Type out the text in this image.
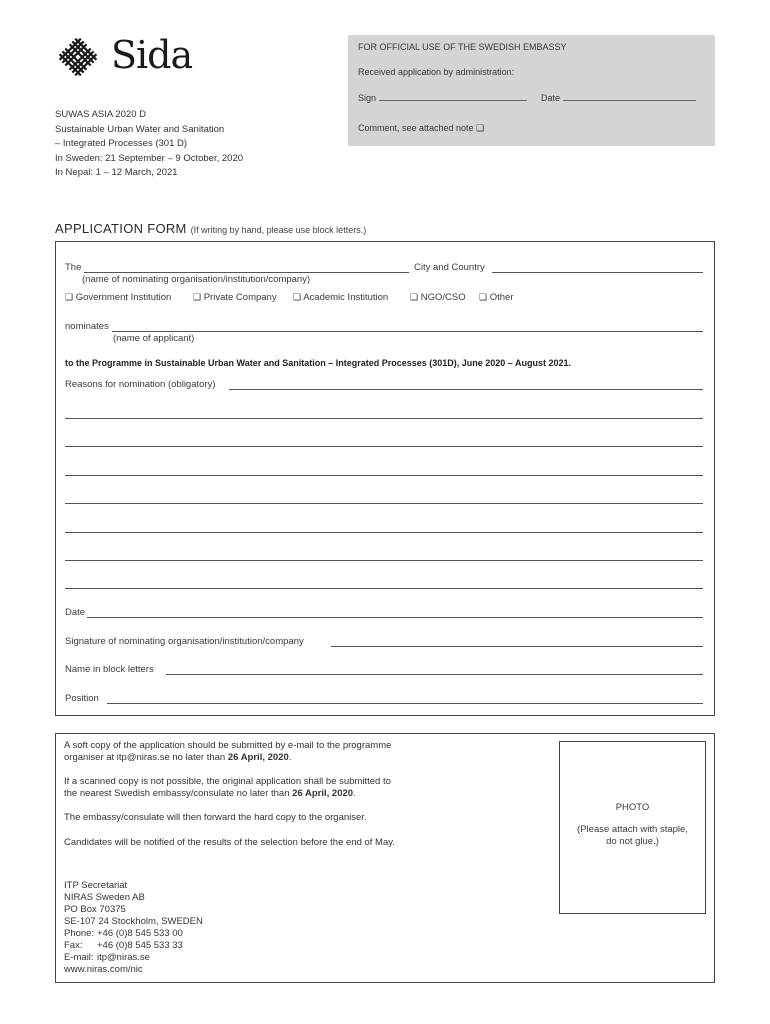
Sida	FOR OFFICIAL USE OF THE SWEDISH EMBASSY
Received application by administration:
Sign	Date
Comment, see attached note ❑
SUWAS ASIA 2020 D
Sustainable Urban Water and Sanitation
– Integrated Processes (301 D)
In Sweden: 21 September – 9 October, 2020
In Nepal: 1 – 12 March, 2021
APPLICATION FORM (If writing by hand, please use block letters.)
The	City and Country
(name of nominating organisation/institution/company)
❑ Government Institution ❑ Private Company ❑ Academic Institution ❑ NGO/CSO ❑ Other
nominates
(name of applicant)
to the Programme in Sustainable Urban Water and Sanitation – Integrated Processes (301D), June 2020 – August 2021.
Reasons for nomination (obligatory)
Date
Signature of nominating organisation/institution/company
Name in block letters
Position
A soft copy of the application should be submitted by e-mail to the programme
organiser at itp@niras.se no later than 26 April, 2020.
If a scanned copy is not possible, the original application shall be submitted to
the nearest Swedish embassy/consulate no later than 26 April, 2020.
The embassy/consulate will then forward the hard copy to the organiser.
Candidates will be notified of the results of the selection before the end of May.
ITP Secretariat
NIRAS Sweden AB
PO Box 70375
SE-107 24 Stockholm, SWEDEN
Phone: +46 (0)8 545 533 00
Fax: +46 (0)8 545 533 33
E-mail: itp@niras.se
www.niras.com/nic
PHOTO
(Please attach with staple,
do not glue.)
